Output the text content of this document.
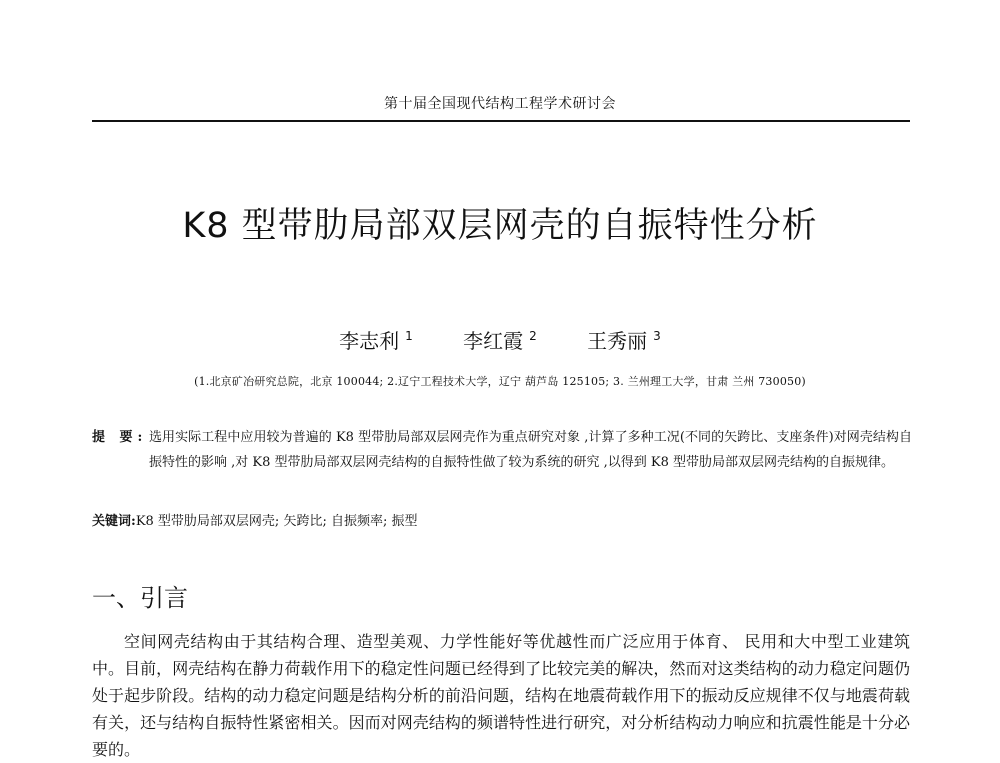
第十届全国现代结构工程学术研讨会
K8 型带肋局部双层网壳的自振特性分析
李志利 $^1$	李红霞 $^2$	王秀丽 $^3$
(1.北京矿冶研究总院，北京 100044; 2.辽宁工程技术大学，辽宁 葫芦岛 125105; 3. 兰州理工大学，甘肃 兰州 730050)
提 要: 选用实际工程中应用较为普遍的 K8 型带肋局部双层网壳作为重点研究对象 ,计算了多种工况(不同的矢跨比、支座条件)对网壳结构自振特性的影响 ,对 K8 型带肋局部双层网壳结构的自振特性做了较为系统的研究 ,以得到 K8 型带肋局部双层网壳结构的自振规律。
关键词:K8 型带肋局部双层网壳; 矢跨比; 自振频率; 振型
一、引言
空间网壳结构由于其结构合理、造型美观、力学性能好等优越性而广泛应用于体育、 民用和大中型工业建筑中。目前，网壳结构在静力荷载作用下的稳定性问题已经得到了比较完美的解决，然而对这类结构的动力稳定问题仍处于起步阶段。结构的动力稳定问题是结构分析的前沿问题，结构在地震荷载作用下的振动反应规律不仅与地震荷载有关，还与结构自振特性紧密相关。因而对网壳结构的频谱特性进行研究，对分析结构动力响应和抗震性能是十分必要的。
